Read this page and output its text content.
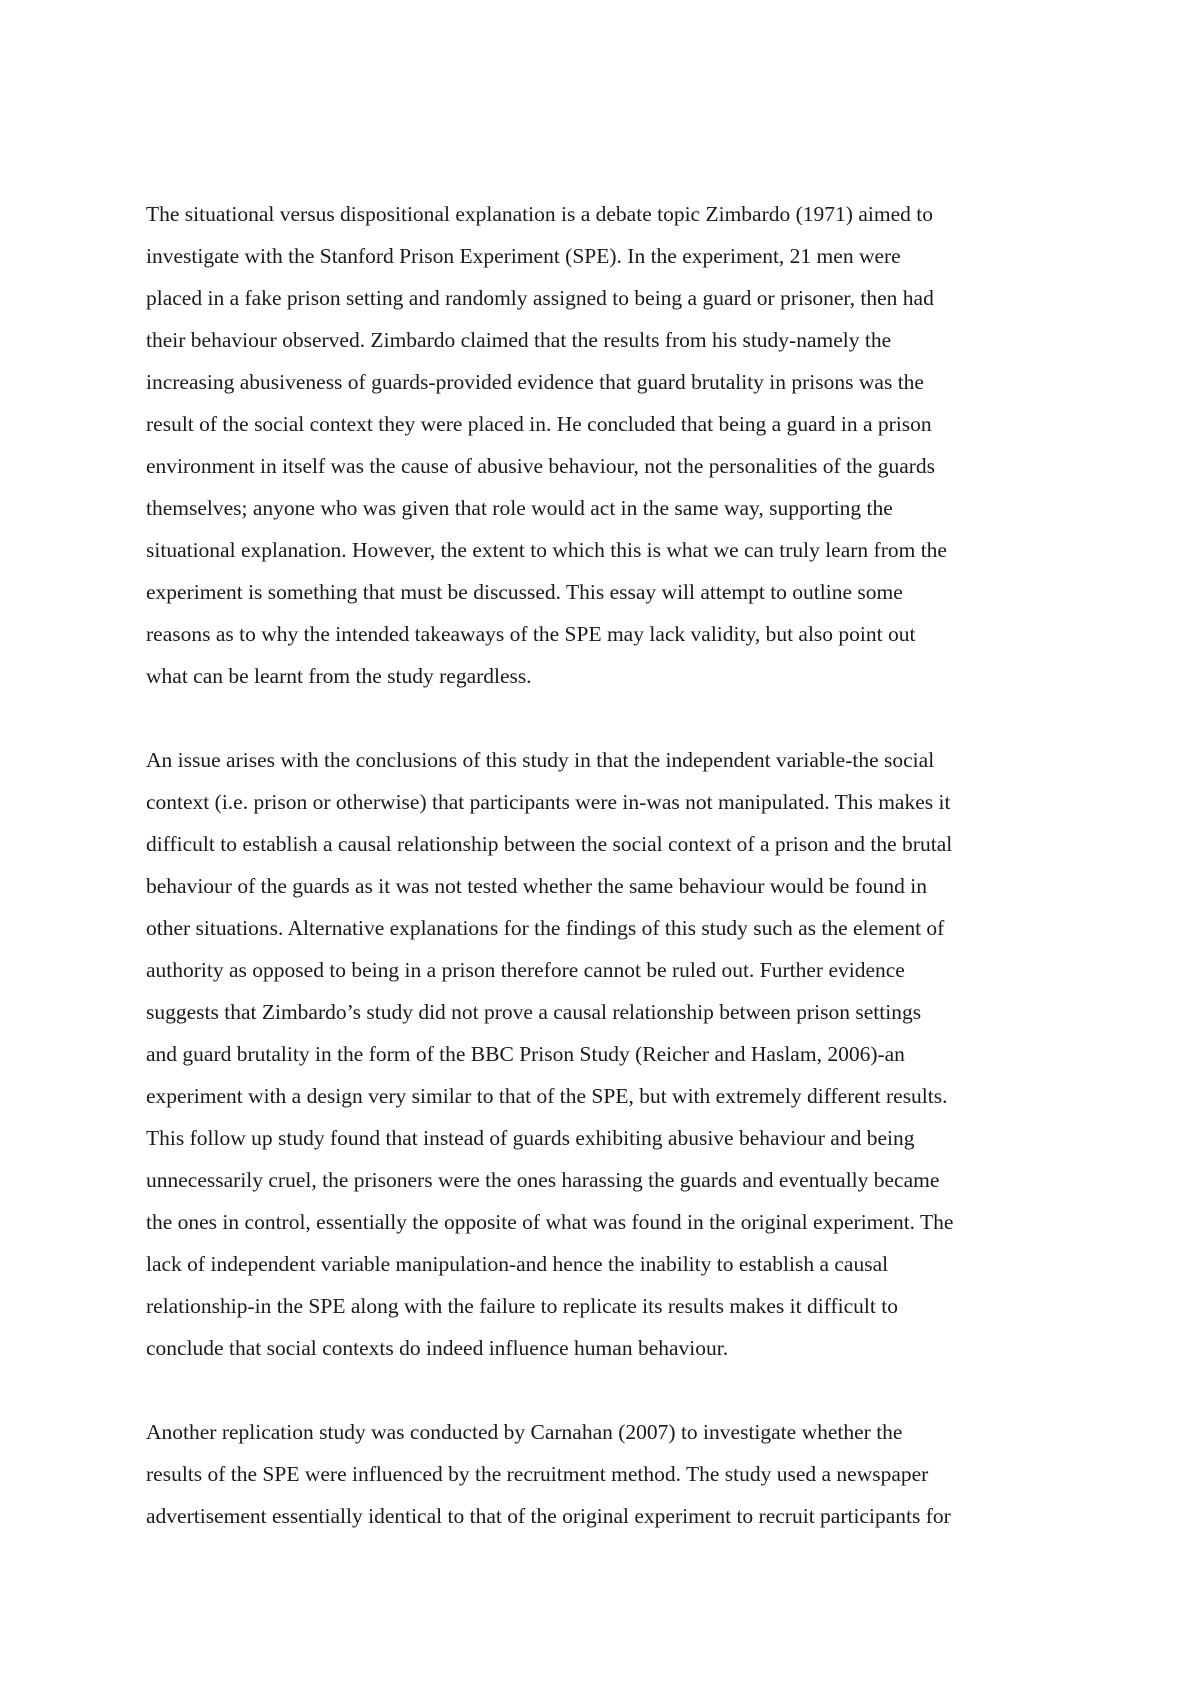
The situational versus dispositional explanation is a debate topic Zimbardo (1971) aimed to

investigate with the Stanford Prison Experiment (SPE). In the experiment, 21 men were

placed in a fake prison setting and randomly assigned to being a guard or prisoner, then had

their behaviour observed. Zimbardo claimed that the results from his study-namely the

increasing abusiveness of guards-provided evidence that guard brutality in prisons was the

result of the social context they were placed in. He concluded that being a guard in a prison

environment in itself was the cause of abusive behaviour, not the personalities of the guards

themselves; anyone who was given that role would act in the same way, supporting the

situational explanation. However, the extent to which this is what we can truly learn from the

experiment is something that must be discussed. This essay will attempt to outline some

reasons as to why the intended takeaways of the SPE may lack validity, but also point out

what can be learnt from the study regardless.

An issue arises with the conclusions of this study in that the independent variable-the social

context (i.e. prison or otherwise) that participants were in-was not manipulated. This makes it

difficult to establish a causal relationship between the social context of a prison and the brutal

behaviour of the guards as it was not tested whether the same behaviour would be found in

other situations. Alternative explanations for the findings of this study such as the element of

authority as opposed to being in a prison therefore cannot be ruled out. Further evidence

suggests that Zimbardo’s study did not prove a causal relationship between prison settings

and guard brutality in the form of the BBC Prison Study (Reicher and Haslam, 2006)-an

experiment with a design very similar to that of the SPE, but with extremely different results.

This follow up study found that instead of guards exhibiting abusive behaviour and being

unnecessarily cruel, the prisoners were the ones harassing the guards and eventually became

the ones in control, essentially the opposite of what was found in the original experiment. The

lack of independent variable manipulation-and hence the inability to establish a causal

relationship-in the SPE along with the failure to replicate its results makes it difficult to

conclude that social contexts do indeed influence human behaviour.

Another replication study was conducted by Carnahan (2007) to investigate whether the

results of the SPE were influenced by the recruitment method. The study used a newspaper

advertisement essentially identical to that of the original experiment to recruit participants for
